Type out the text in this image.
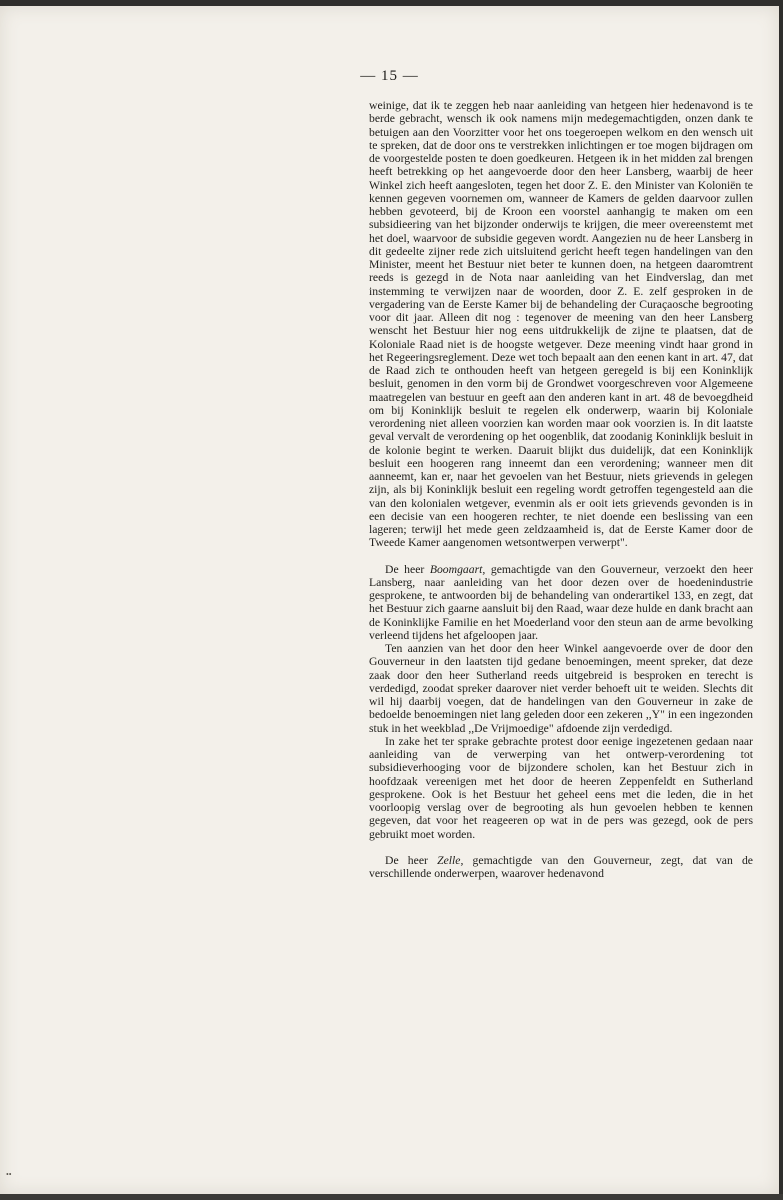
— 15 —

weinige, dat ik te zeggen heb naar aanleiding van hetgeen hier hedenavond is te berde gebracht, wensch ik ook namens mijn medegemachtigden, onzen dank te betuigen aan den Voorzitter voor het ons toegeroepen welkom en den wensch uit te spreken, dat de door ons te verstrekken inlichtingen er toe mogen bijdragen om de voorgestelde posten te doen goedkeuren. Hetgeen ik in het midden zal brengen heeft betrekking op het aangevoerde door den heer Lansberg, waarbij de heer Winkel zich heeft aangesloten, tegen het door Z. E. den Minister van Koloniën te kennen gegeven voornemen om, wanneer de Kamers de gelden daarvoor zullen hebben gevoteerd, bij de Kroon een voorstel aanhangig te maken om een subsidieering van het bijzonder onderwijs te krijgen, die meer overeenstemt met het doel, waarvoor de subsidie gegeven wordt. Aangezien nu de heer Lansberg in dit gedeelte zijner rede zich uitsluitend gericht heeft tegen handelingen van den Minister, meent het Bestuur niet beter te kunnen doen, na hetgeen daaromtrent reeds is gezegd in de Nota naar aanleiding van het Eindverslag, dan met instemming te verwijzen naar de woorden, door Z. E. zelf gesproken in de vergadering van de Eerste Kamer bij de behandeling der Curaçaosche begrooting voor dit jaar. Alleen dit nog : tegenover de meening van den heer Lansberg wenscht het Bestuur hier nog eens uitdrukkelijk de zijne te plaatsen, dat de Koloniale Raad niet is de hoogste wetgever. Deze meening vindt haar grond in het Regeeringsreglement. Deze wet toch bepaalt aan den eenen kant in art. 47, dat de Raad zich te onthouden heeft van hetgeen geregeld is bij een Koninklijk besluit, genomen in den vorm bij de Grondwet voorgeschreven voor Algemeene maatregelen van bestuur en geeft aan den anderen kant in art. 48 de bevoegdheid om bij Koninklijk besluit te regelen elk onderwerp, waarin bij Koloniale verordening niet alleen voorzien kan worden maar ook voorzien is. In dit laatste geval vervalt de verordening op het oogenblik, dat zoodanig Koninklijk besluit in de kolonie begint te werken. Daaruit blijkt dus duidelijk, dat een Koninklijk besluit een hoogeren rang inneemt dan een verordening; wanneer men dit aanneemt, kan er, naar het gevoelen van het Bestuur, niets grievends in gelegen zijn, als bij Koninklijk besluit een regeling wordt getroffen tegengesteld aan die van den kolonialen wetgever, evenmin als er ooit iets grievends gevonden is in een decisie van een hoogeren rechter, te niet doende een beslissing van een lageren; terwijl het mede geen zeldzaamheid is, dat de Eerste Kamer door de Tweede Kamer aangenomen wetsontwerpen verwerpt".

De heer Boomgaart, gemachtigde van den Gouverneur, verzoekt den heer Lansberg, naar aanleiding van het door dezen over de hoedenindustrie gesprokene, te antwoorden bij de behandeling van onderartikel 133, en zegt, dat het Bestuur zich gaarne aansluit bij den Raad, waar deze hulde en dank bracht aan de Koninklijke Familie en het Moederland voor den steun aan de arme bevolking verleend tijdens het afgeloopen jaar.

Ten aanzien van het door den heer Winkel aangevoerde over de door den Gouverneur in den laatsten tijd gedane benoemingen, meent spreker, dat deze zaak door den heer Sutherland reeds uitgebreid is besproken en terecht is verdedigd, zoodat spreker daarover niet verder behoeft uit te weiden. Slechts dit wil hij daarbij voegen, dat de handelingen van den Gouverneur in zake de bedoelde benoemingen niet lang geleden door een zekeren ,,Y" in een ingezonden stuk in het weekblad ,,De Vrijmoedige" afdoende zijn verdedigd.

In zake het ter sprake gebrachte protest door eenige ingezetenen gedaan naar aanleiding van de verwerping van het ontwerp-verordening tot subsidieverhooging voor de bijzondere scholen, kan het Bestuur zich in hoofdzaak vereenigen met het door de heeren Zeppenfeldt en Sutherland gesprokene. Ook is het Bestuur het geheel eens met die leden, die in het voorloopig verslag over de begrooting als hun gevoelen hebben te kennen gegeven, dat voor het reageeren op wat in de pers was gezegd, ook de pers gebruikt moet worden.

De heer Zelle, gemachtigde van den Gouverneur, zegt, dat van de verschillende onderwerpen, waarover hedenavond

••
